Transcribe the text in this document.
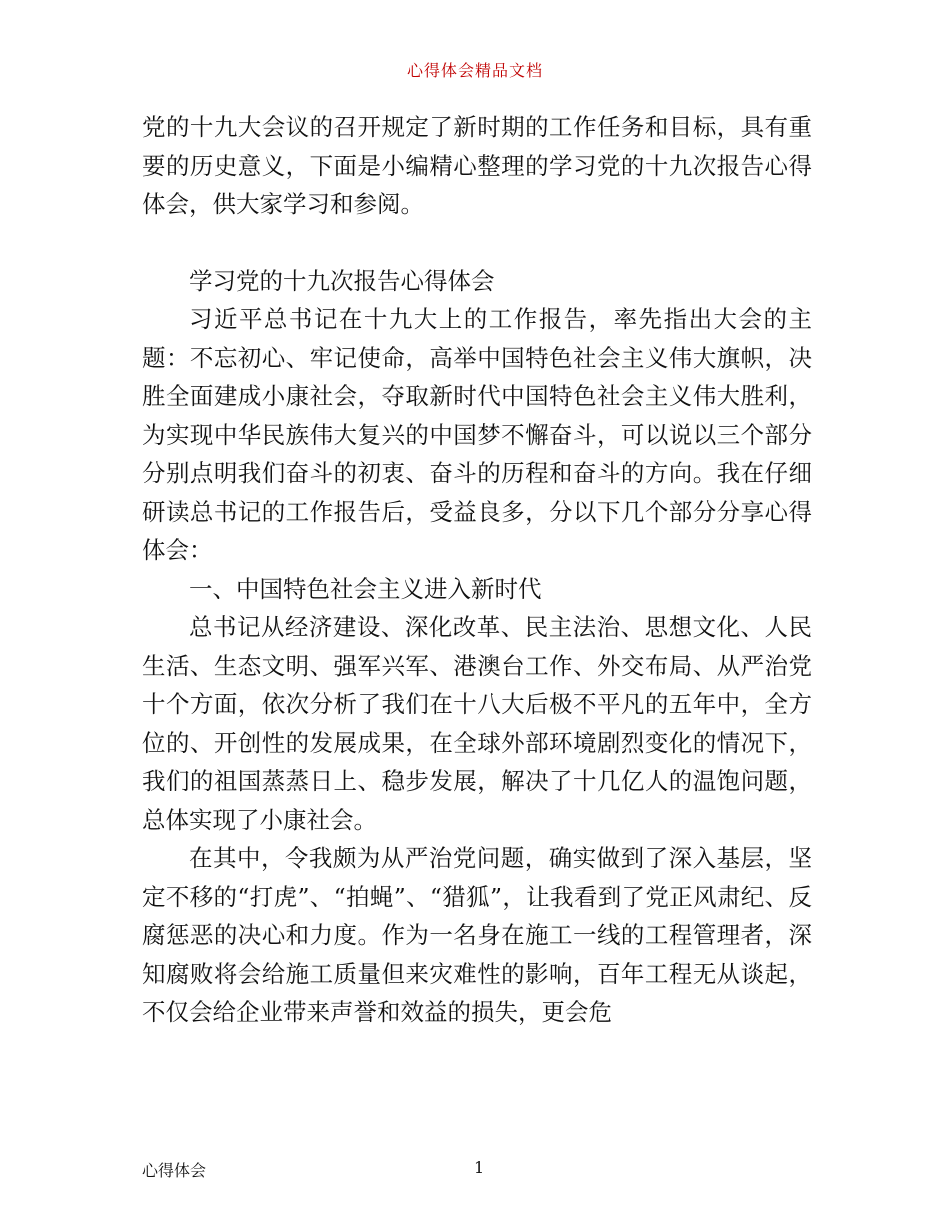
心得体会精品文档

党的十九大会议的召开规定了新时期的工作任务和目标，具有重要的历史意义，下面是小编精心整理的学习党的十九次报告心得体会，供大家学习和参阅。

学习党的十九次报告心得体会

习近平总书记在十九大上的工作报告，率先指出大会的主题：不忘初心、牢记使命，高举中国特色社会主义伟大旗帜，决胜全面建成小康社会，夺取新时代中国特色社会主义伟大胜利，为实现中华民族伟大复兴的中国梦不懈奋斗，可以说以三个部分分别点明我们奋斗的初衷、奋斗的历程和奋斗的方向。我在仔细研读总书记的工作报告后，受益良多，分以下几个部分分享心得体会：

一、中国特色社会主义进入新时代

总书记从经济建设、深化改革、民主法治、思想文化、人民生活、生态文明、强军兴军、港澳台工作、外交布局、从严治党十个方面，依次分析了我们在十八大后极不平凡的五年中，全方位的、开创性的发展成果，在全球外部环境剧烈变化的情况下，我们的祖国蒸蒸日上、稳步发展，解决了十几亿人的温饱问题，总体实现了小康社会。

在其中，令我颇为从严治党问题，确实做到了深入基层，坚定不移的“打虎”、“拍蝇”、“猎狐”，让我看到了党正风肃纪、反腐惩恶的决心和力度。作为一名身在施工一线的工程管理者，深知腐败将会给施工质量但来灾难性的影响，百年工程无从谈起，不仅会给企业带来声誉和效益的损失，更会危

心得体会	1
